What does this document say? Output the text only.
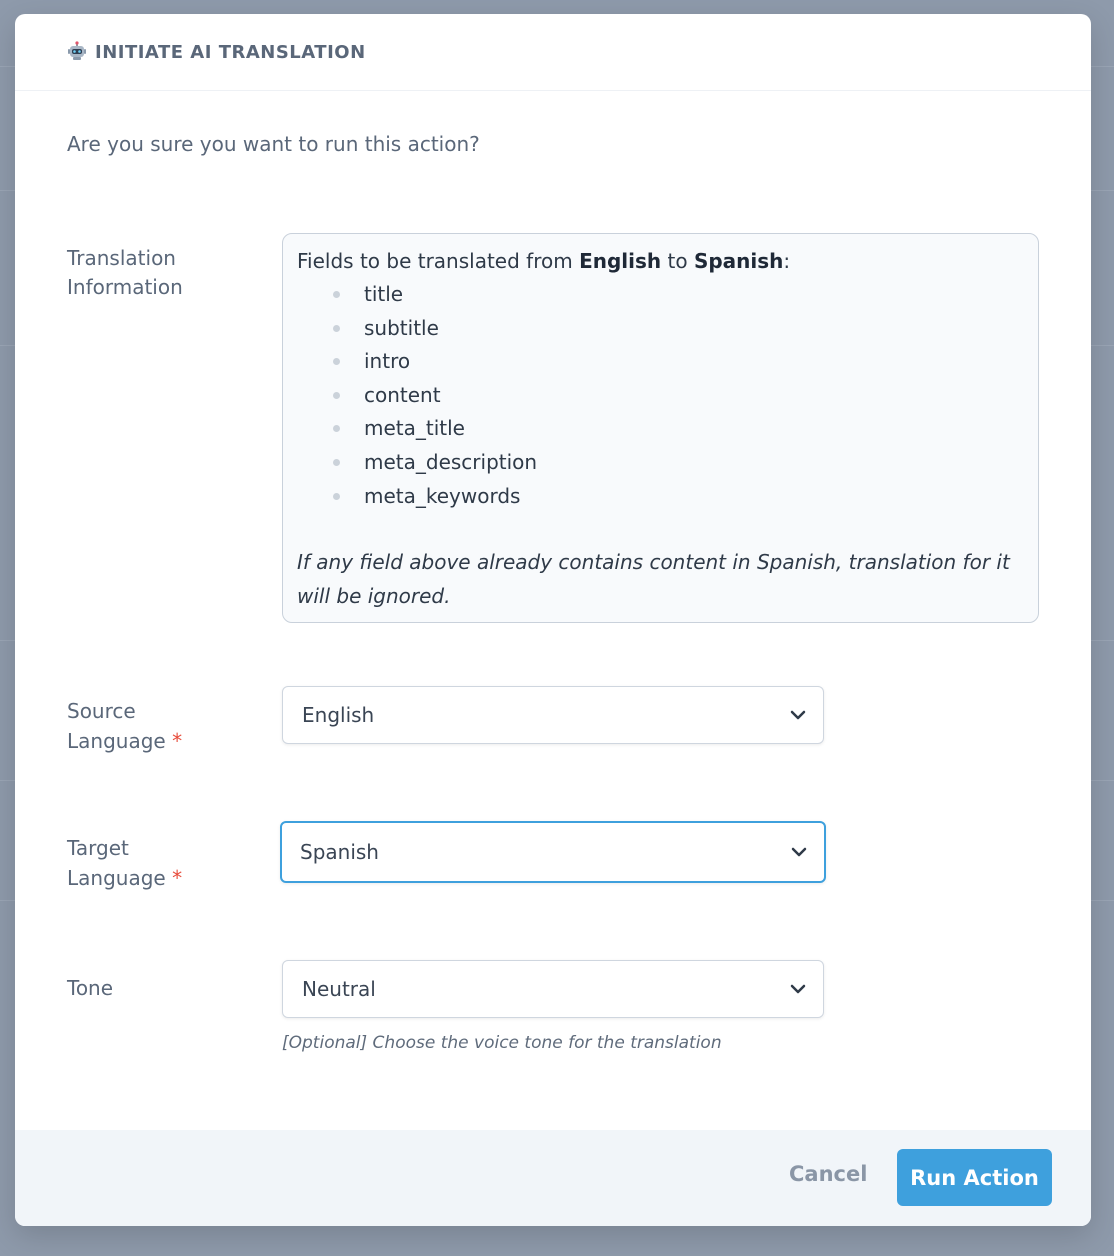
INITIATE AI TRANSLATION
Are you sure you want to run this action?
Translation
Information
Fields to be translated from English to Spanish:
title
subtitle
intro
content
meta_title
meta_description
meta_keywords
If any field above already contains content in Spanish, translation for it will be ignored.
Source
Language *
English
Target
Language *
Spanish
Tone	Neutral
[Optional] Choose the voice tone for the translation
Cancel	Run Action
